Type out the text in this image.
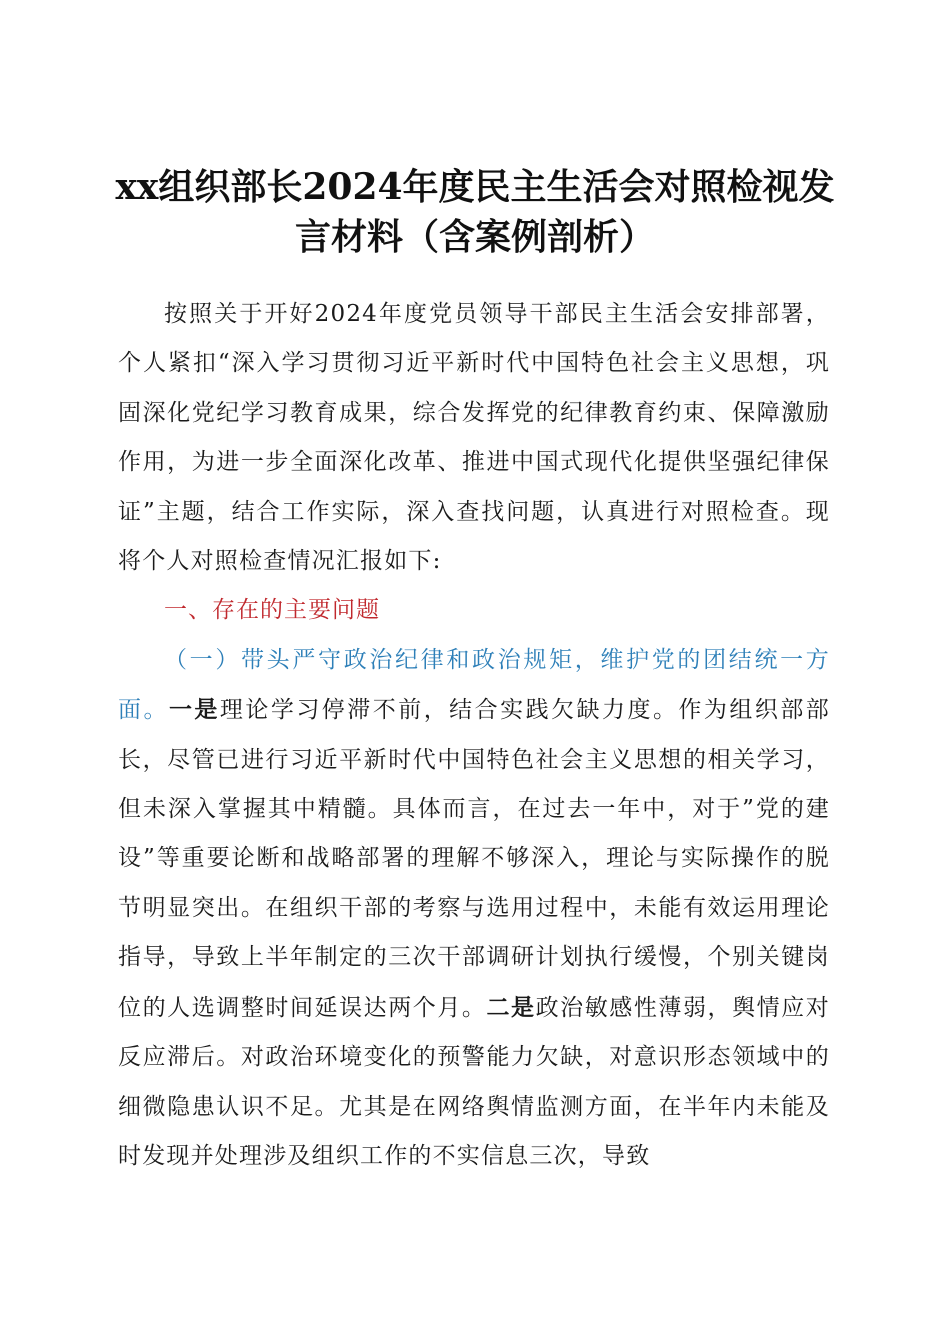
xx组织部长2024年度民主生活会对照检视发
言材料（含案例剖析）

按照关于开好2024年度党员领导干部民主生活会安排部署，个人紧扣“深入学习贯彻习近平新时代中国特色社会主义思想，巩固深化党纪学习教育成果，综合发挥党的纪律教育约束、保障激励作用，为进一步全面深化改革、推进中国式现代化提供坚强纪律保证”主题，结合工作实际，深入查找问题，认真进行对照检查。现将个人对照检查情况汇报如下:

一、存在的主要问题

（一）带头严守政治纪律和政治规矩，维护党的团结统一方面。一是理论学习停滞不前，结合实践欠缺力度。作为组织部部长，尽管已进行习近平新时代中国特色社会主义思想的相关学习，但未深入掌握其中精髓。具体而言，在过去一年中，对于”党的建设”等重要论断和战略部署的理解不够深入，理论与实际操作的脱节明显突出。在组织干部的考察与选用过程中，未能有效运用理论指导，导致上半年制定的三次干部调研计划执行缓慢，个别关键岗位的人选调整时间延误达两个月。二是政治敏感性薄弱，舆情应对反应滞后。对政治环境变化的预警能力欠缺，对意识形态领域中的细微隐患认识不足。尤其是在网络舆情监测方面，在半年内未能及时发现并处理涉及组织工作的不实信息三次，导致
